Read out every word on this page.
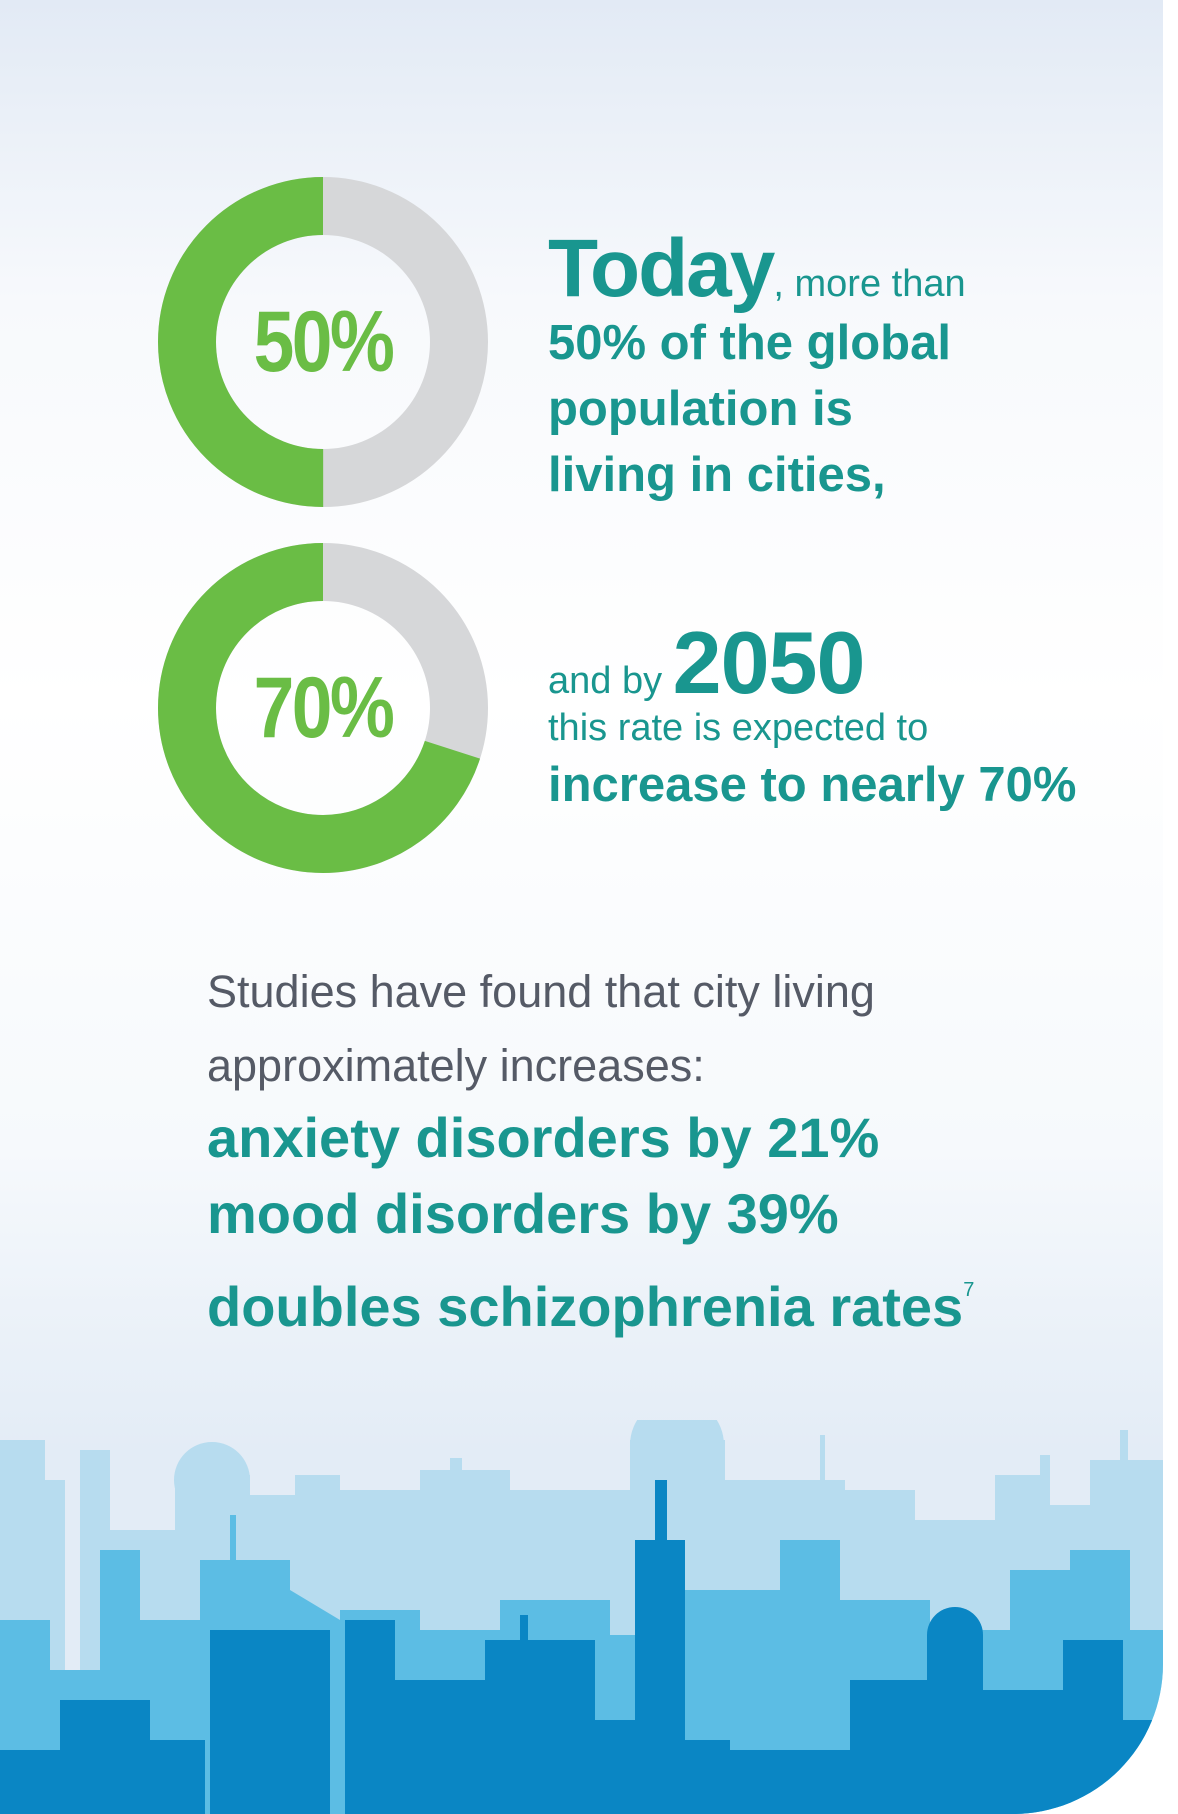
50%
70%
Today, more than
50% of the global
population is
living in cities,
and by 2050
this rate is expected to
increase to nearly 70%
Studies have found that city living
approximately increases:
anxiety disorders by 21%
mood disorders by 39%
doubles schizophrenia rates$^7$
